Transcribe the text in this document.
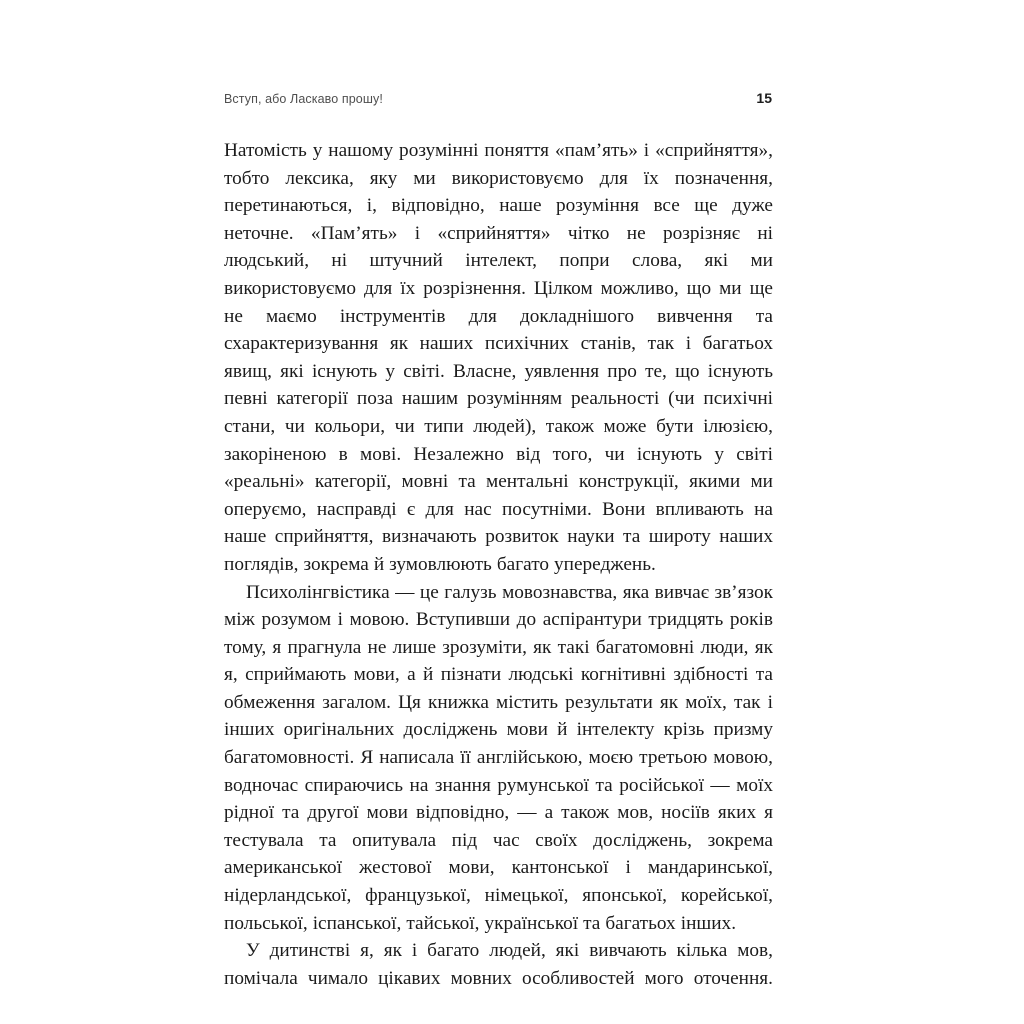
Вступ, або Ласкаво прошу!	15

Натомість у нашому розумінні поняття «пам’ять» і «сприйняття», тобто лексика, яку ми використовуємо для їх позначення, перетинаються, і, відповідно, наше розуміння все ще дуже неточне. «Пам’ять» і «сприйняття» чітко не розрізняє ні людський, ні штучний інтелект, попри слова, які ми використовуємо для їх розрізнення. Цілком можливо, що ми ще не маємо інструментів для докладнішого вивчення та схарактеризування як наших психічних станів, так і багатьох явищ, які існують у світі. Власне, уявлення про те, що існують певні категорії поза нашим розумінням реальності (чи психічні стани, чи кольори, чи типи людей), також може бути ілюзією, закоріненою в мові. Незалежно від того, чи існують у світі «реальні» категорії, мовні та ментальні конструкції, якими ми оперуємо, насправді є для нас посутніми. Вони впливають на наше сприйняття, визначають розвиток науки та широту наших поглядів, зокрема й зумовлюють багато упереджень.

Психолінгвістика — це галузь мовознавства, яка вивчає зв’язок між розумом і мовою. Вступивши до аспірантури тридцять років тому, я прагнула не лише зрозуміти, як такі багатомовні люди, як я, сприймають мови, а й пізнати людські когнітивні здібності та обмеження загалом. Ця книжка містить результати як моїх, так і інших оригінальних досліджень мови й інтелекту крізь призму багатомовності. Я написала її англійською, моєю третьою мовою, водночас спираючись на знання румунської та російської — моїх рідної та другої мови відповідно, — а також мов, носіїв яких я тестувала та опитувала під час своїх досліджень, зокрема американської жестової мови, кантонської і мандаринської, нідерландської, французької, німецької, японської, корейської, польської, іспанської, тайської, української та багатьох інших.

У дитинстві я, як і багато людей, які вивчають кілька мов, помічала чимало цікавих мовних особливостей мого оточення.
